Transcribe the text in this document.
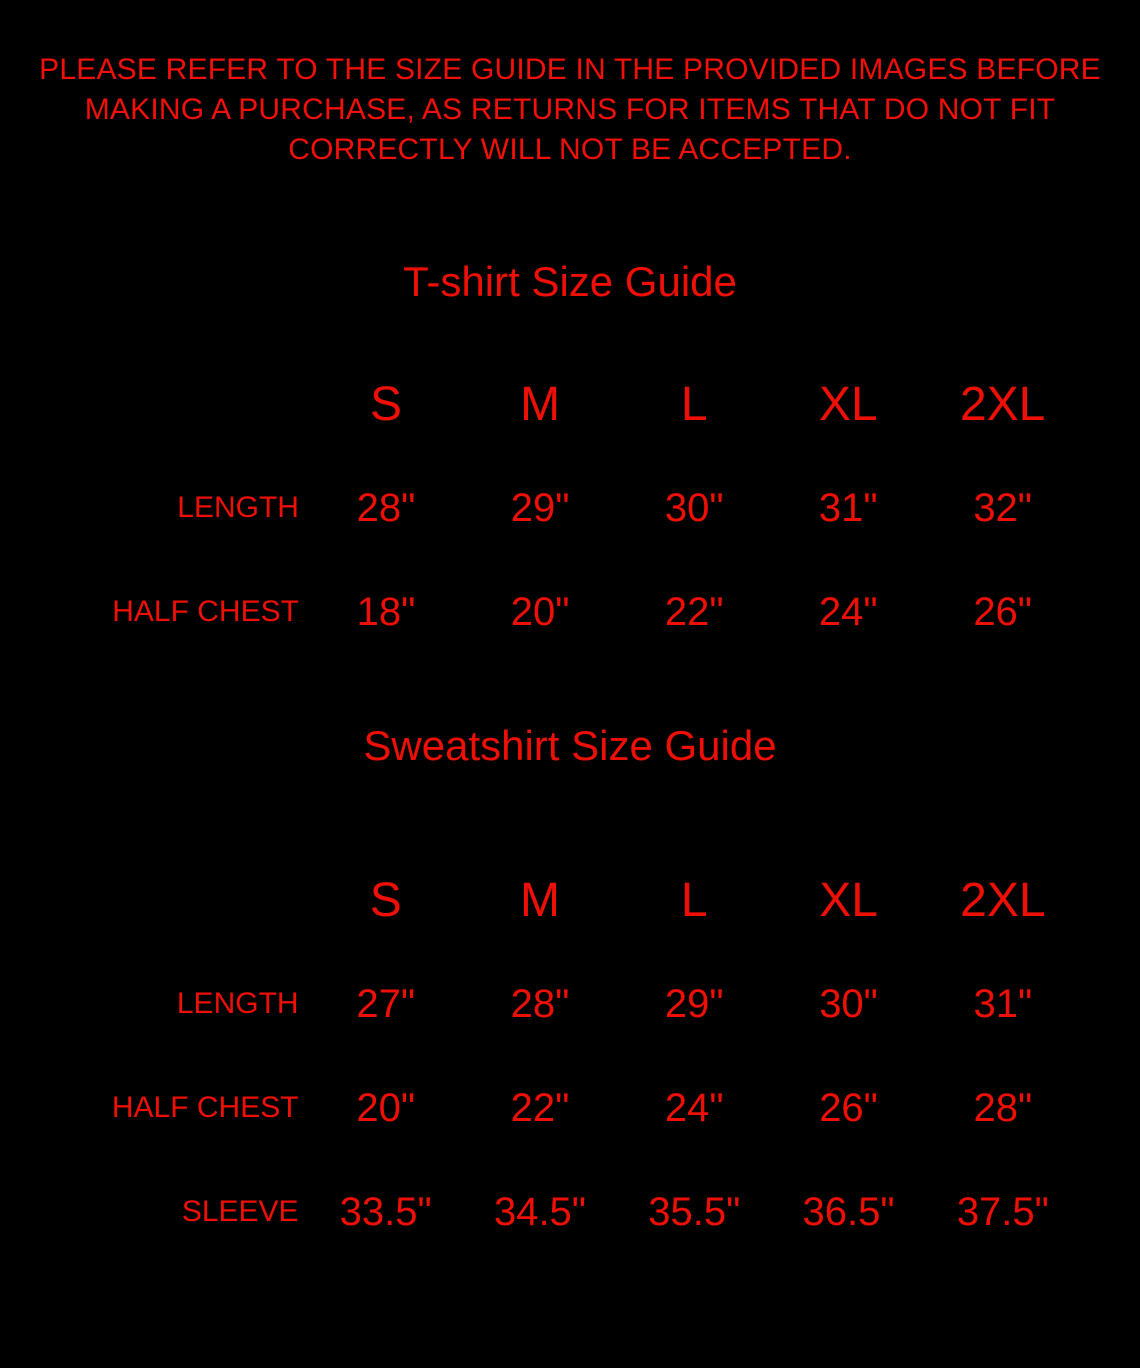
PLEASE REFER TO THE SIZE GUIDE IN THE PROVIDED IMAGES BEFORE MAKING A PURCHASE, AS RETURNS FOR ITEMS THAT DO NOT FIT CORRECTLY WILL NOT BE ACCEPTED.
T-shirt Size Guide
	S	M	L	XL	2XL
LENGTH	28"	29"	30"	31"	32"
HALF CHEST	18"	20"	22"	24"	26"
Sweatshirt Size Guide
	S	M	L	XL	2XL
LENGTH	27"	28"	29"	30"	31"
HALF CHEST	20"	22"	24"	26"	28"
SLEEVE	33.5"	34.5"	35.5"	36.5"	37.5"
